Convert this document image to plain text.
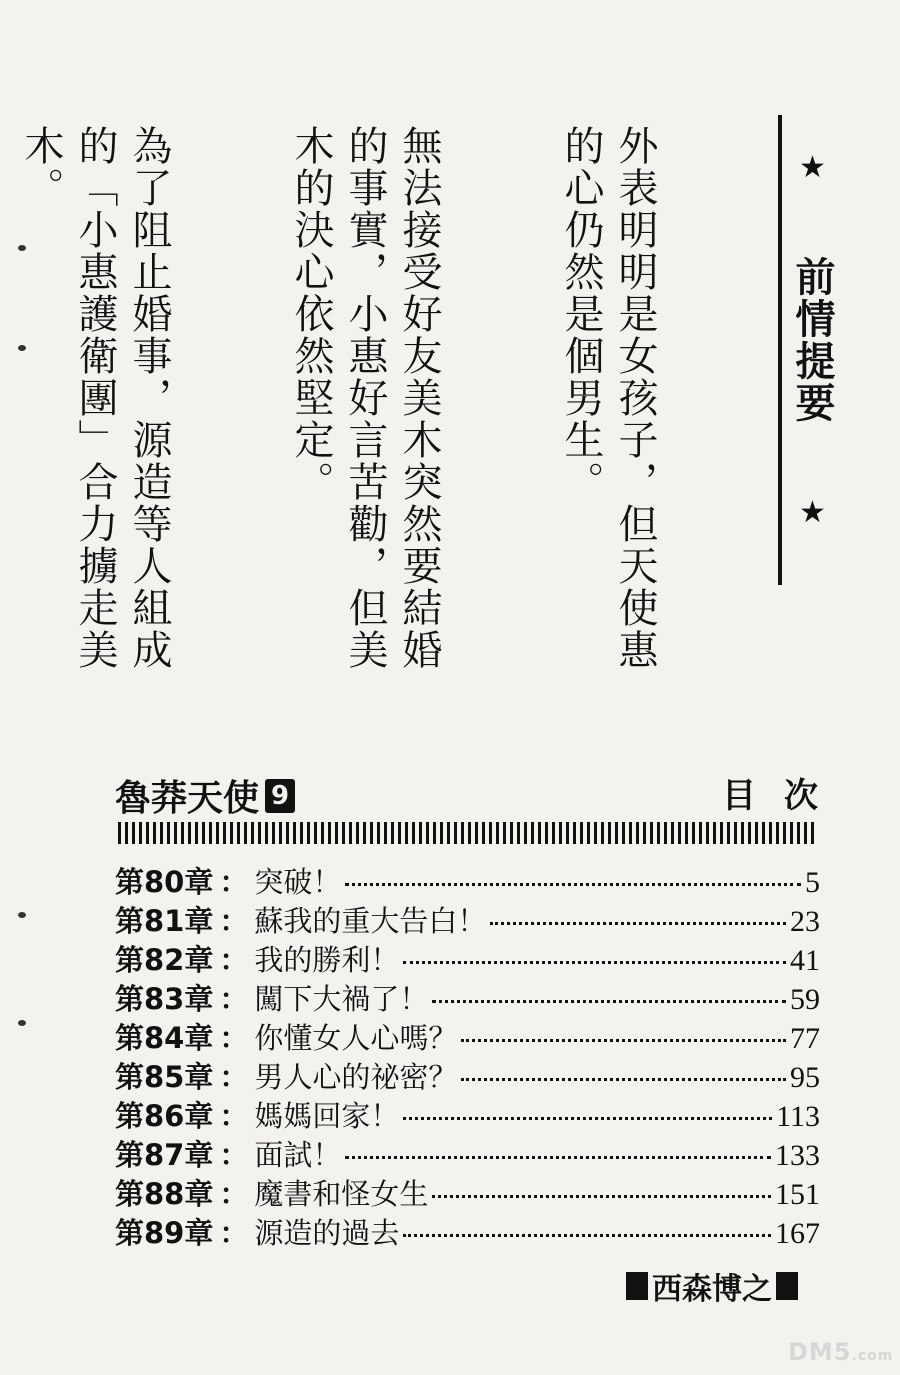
★
前情提要
★

外表明明是女孩子，但天使惠
的心仍然是個男生。

無法接受好友美木突然要結婚
的事實，小惠好言苦勸，但美
木的決心依然堅定。

為了阻止婚事，源造等人組成
的「小惠護衛團」合力擄走美
木。

魯莽天使 9	目次
第80章 ： 突破！	5
第81章 ： 蘇我的重大告白！	23
第82章 ： 我的勝利！	41
第83章 ： 闖下大禍了！	59
第84章 ： 你懂女人心嗎？	77
第85章 ： 男人心的祕密？	95
第86章 ： 媽媽回家！	113
第87章 ： 面試！	133
第88章 ： 魔書和怪女生	151
第89章 ： 源造的過去	167
西森博之
DM5.com
